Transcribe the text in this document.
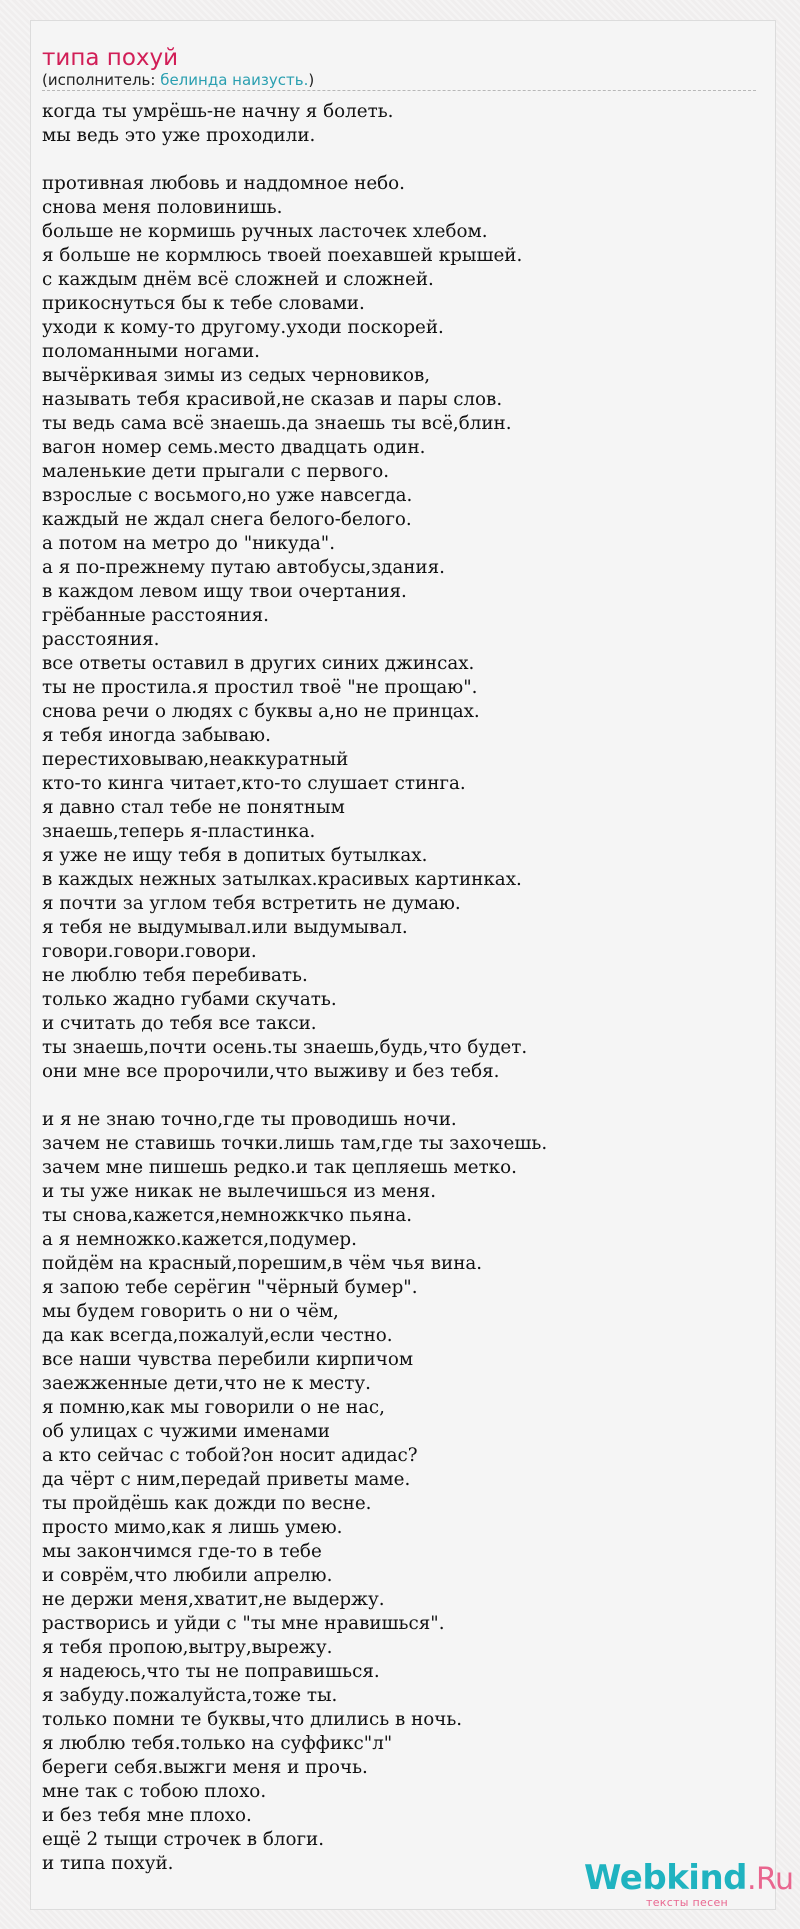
типа похуй
(исполнитель: белинда наизусть.)
когда ты умрёшь-не начну я болеть.
мы ведь это уже проходили.
противная любовь и наддомное небо.
снова меня половинишь.
больше не кормишь ручных ласточек хлебом.
я больше не кормлюсь твоей поехавшей крышей.
с каждым днём всё сложней и сложней.
прикоснуться бы к тебе словами.
уходи к кому-то другому.уходи поскорей.
поломанными ногами.
вычёркивая зимы из седых черновиков,
называть тебя красивой,не сказав и пары слов.
ты ведь сама всё знаешь.да знаешь ты всё,блин.
вагон номер семь.место двадцать один.
маленькие дети прыгали с первого.
взрослые с восьмого,но уже навсегда.
каждый не ждал снега белого-белого.
а потом на метро до "никуда".
а я по-прежнему путаю автобусы,здания.
в каждом левом ищу твои очертания.
грёбанные расстояния.
расстояния.
все ответы оставил в других синих джинсах.
ты не простила.я простил твоё "не прощаю".
снова речи о людях с буквы а,но не принцах.
я тебя иногда забываю.
перестиховываю,неаккуратный
кто-то кинга читает,кто-то слушает стинга.
я давно стал тебе не понятным
знаешь,теперь я-пластинка.
я уже не ищу тебя в допитых бутылках.
в каждых нежных затылках.красивых картинках.
я почти за углом тебя встретить не думаю.
я тебя не выдумывал.или выдумывал.
говори.говори.говори.
не люблю тебя перебивать.
только жадно губами скучать.
и считать до тебя все такси.
ты знаешь,почти осень.ты знаешь,будь,что будет.
они мне все пророчили,что выживу и без тебя.
и я не знаю точно,где ты проводишь ночи.
зачем не ставишь точки.лишь там,где ты захочешь.
зачем мне пишешь редко.и так цепляешь метко.
и ты уже никак не вылечишься из меня.
ты снова,кажется,немножкчко пьяна.
а я немножко.кажется,подумер.
пойдём на красный,порешим,в чём чья вина.
я запою тебе серёгин "чёрный бумер".
мы будем говорить о ни о чём,
да как всегда,пожалуй,если честно.
все наши чувства перебили кирпичом
заежженные дети,что не к месту.
я помню,как мы говорили о не нас,
об улицах с чужими именами
а кто сейчас с тобой?он носит адидас?
да чёрт с ним,передай приветы маме.
ты пройдёшь как дожди по весне.
просто мимо,как я лишь умею.
мы закончимся где-то в тебе
и соврём,что любили апрелю.
не держи меня,хватит,не выдержу.
растворись и уйди с "ты мне нравишься".
я тебя пропою,вытру,вырежу.
я надеюсь,что ты не поправишься.
я забуду.пожалуйста,тоже ты.
только помни те буквы,что длились в ночь.
я люблю тебя.только на суффикс"л"
береги себя.выжги меня и прочь.
мне так с тобою плохо.
и без тебя мне плохо.
ещё 2 тыщи строчек в блоги.
и типа похуй.	Webkind.Ru
тексты песен
